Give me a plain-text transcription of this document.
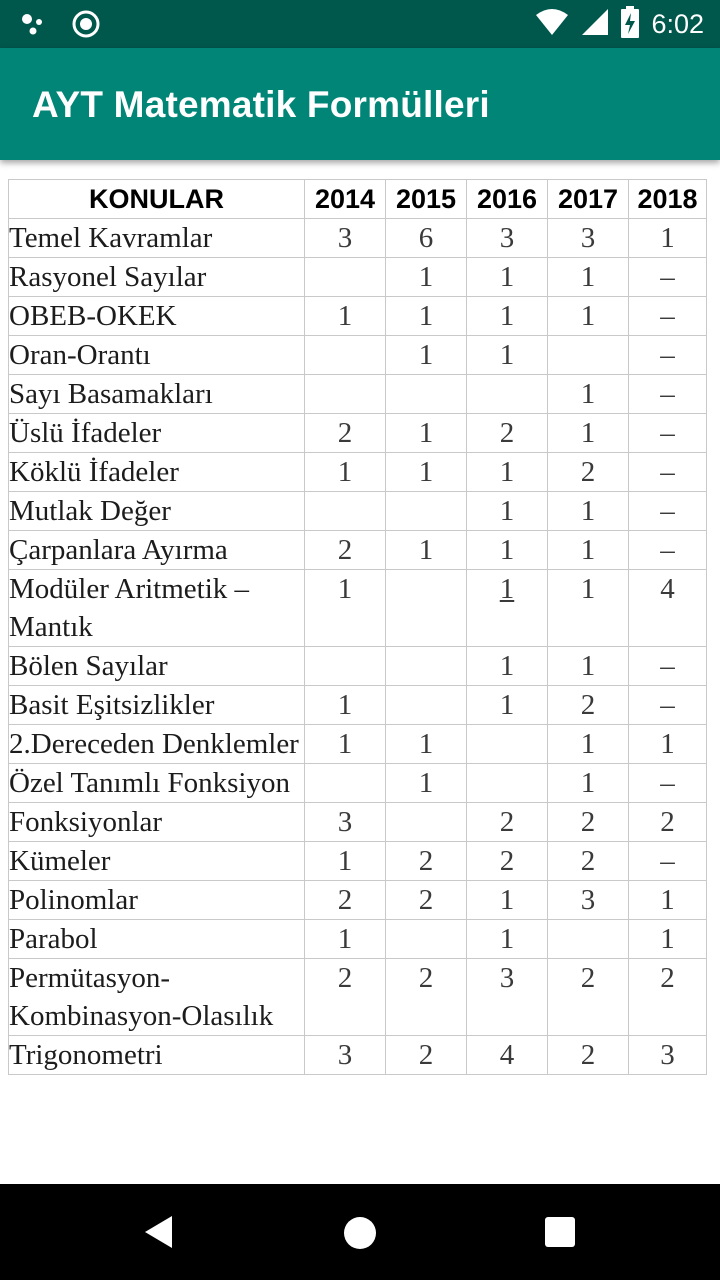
6:02
AYT Matematik Formülleri
KONULAR	2014	2015	2016	2017	2018
Temel Kavramlar	3	6	3	3	1
Rasyonel Sayılar		1	1	1	–
OBEB-OKEK	1	1	1	1	–
Oran-Orantı		1	1		–
Sayı Basamakları				1	–
Üslü İfadeler	2	1	2	1	–
Köklü İfadeler	1	1	1	2	–
Mutlak Değer			1	1	–
Çarpanlara Ayırma	2	1	1	1	–
Modüler Aritmetik – Mantık	1		1	1	4
Bölen Sayılar			1	1	–
Basit Eşitsizlikler	1		1	2	–
2.Dereceden Denklemler	1	1		1	1
Özel Tanımlı Fonksiyon		1		1	–
Fonksiyonlar	3		2	2	2
Kümeler	1	2	2	2	–
Polinomlar	2	2	1	3	1
Parabol	1		1		1
Permütasyon-Kombinasyon-Olasılık	2	2	3	2	2
Trigonometri	3	2	4	2	3
